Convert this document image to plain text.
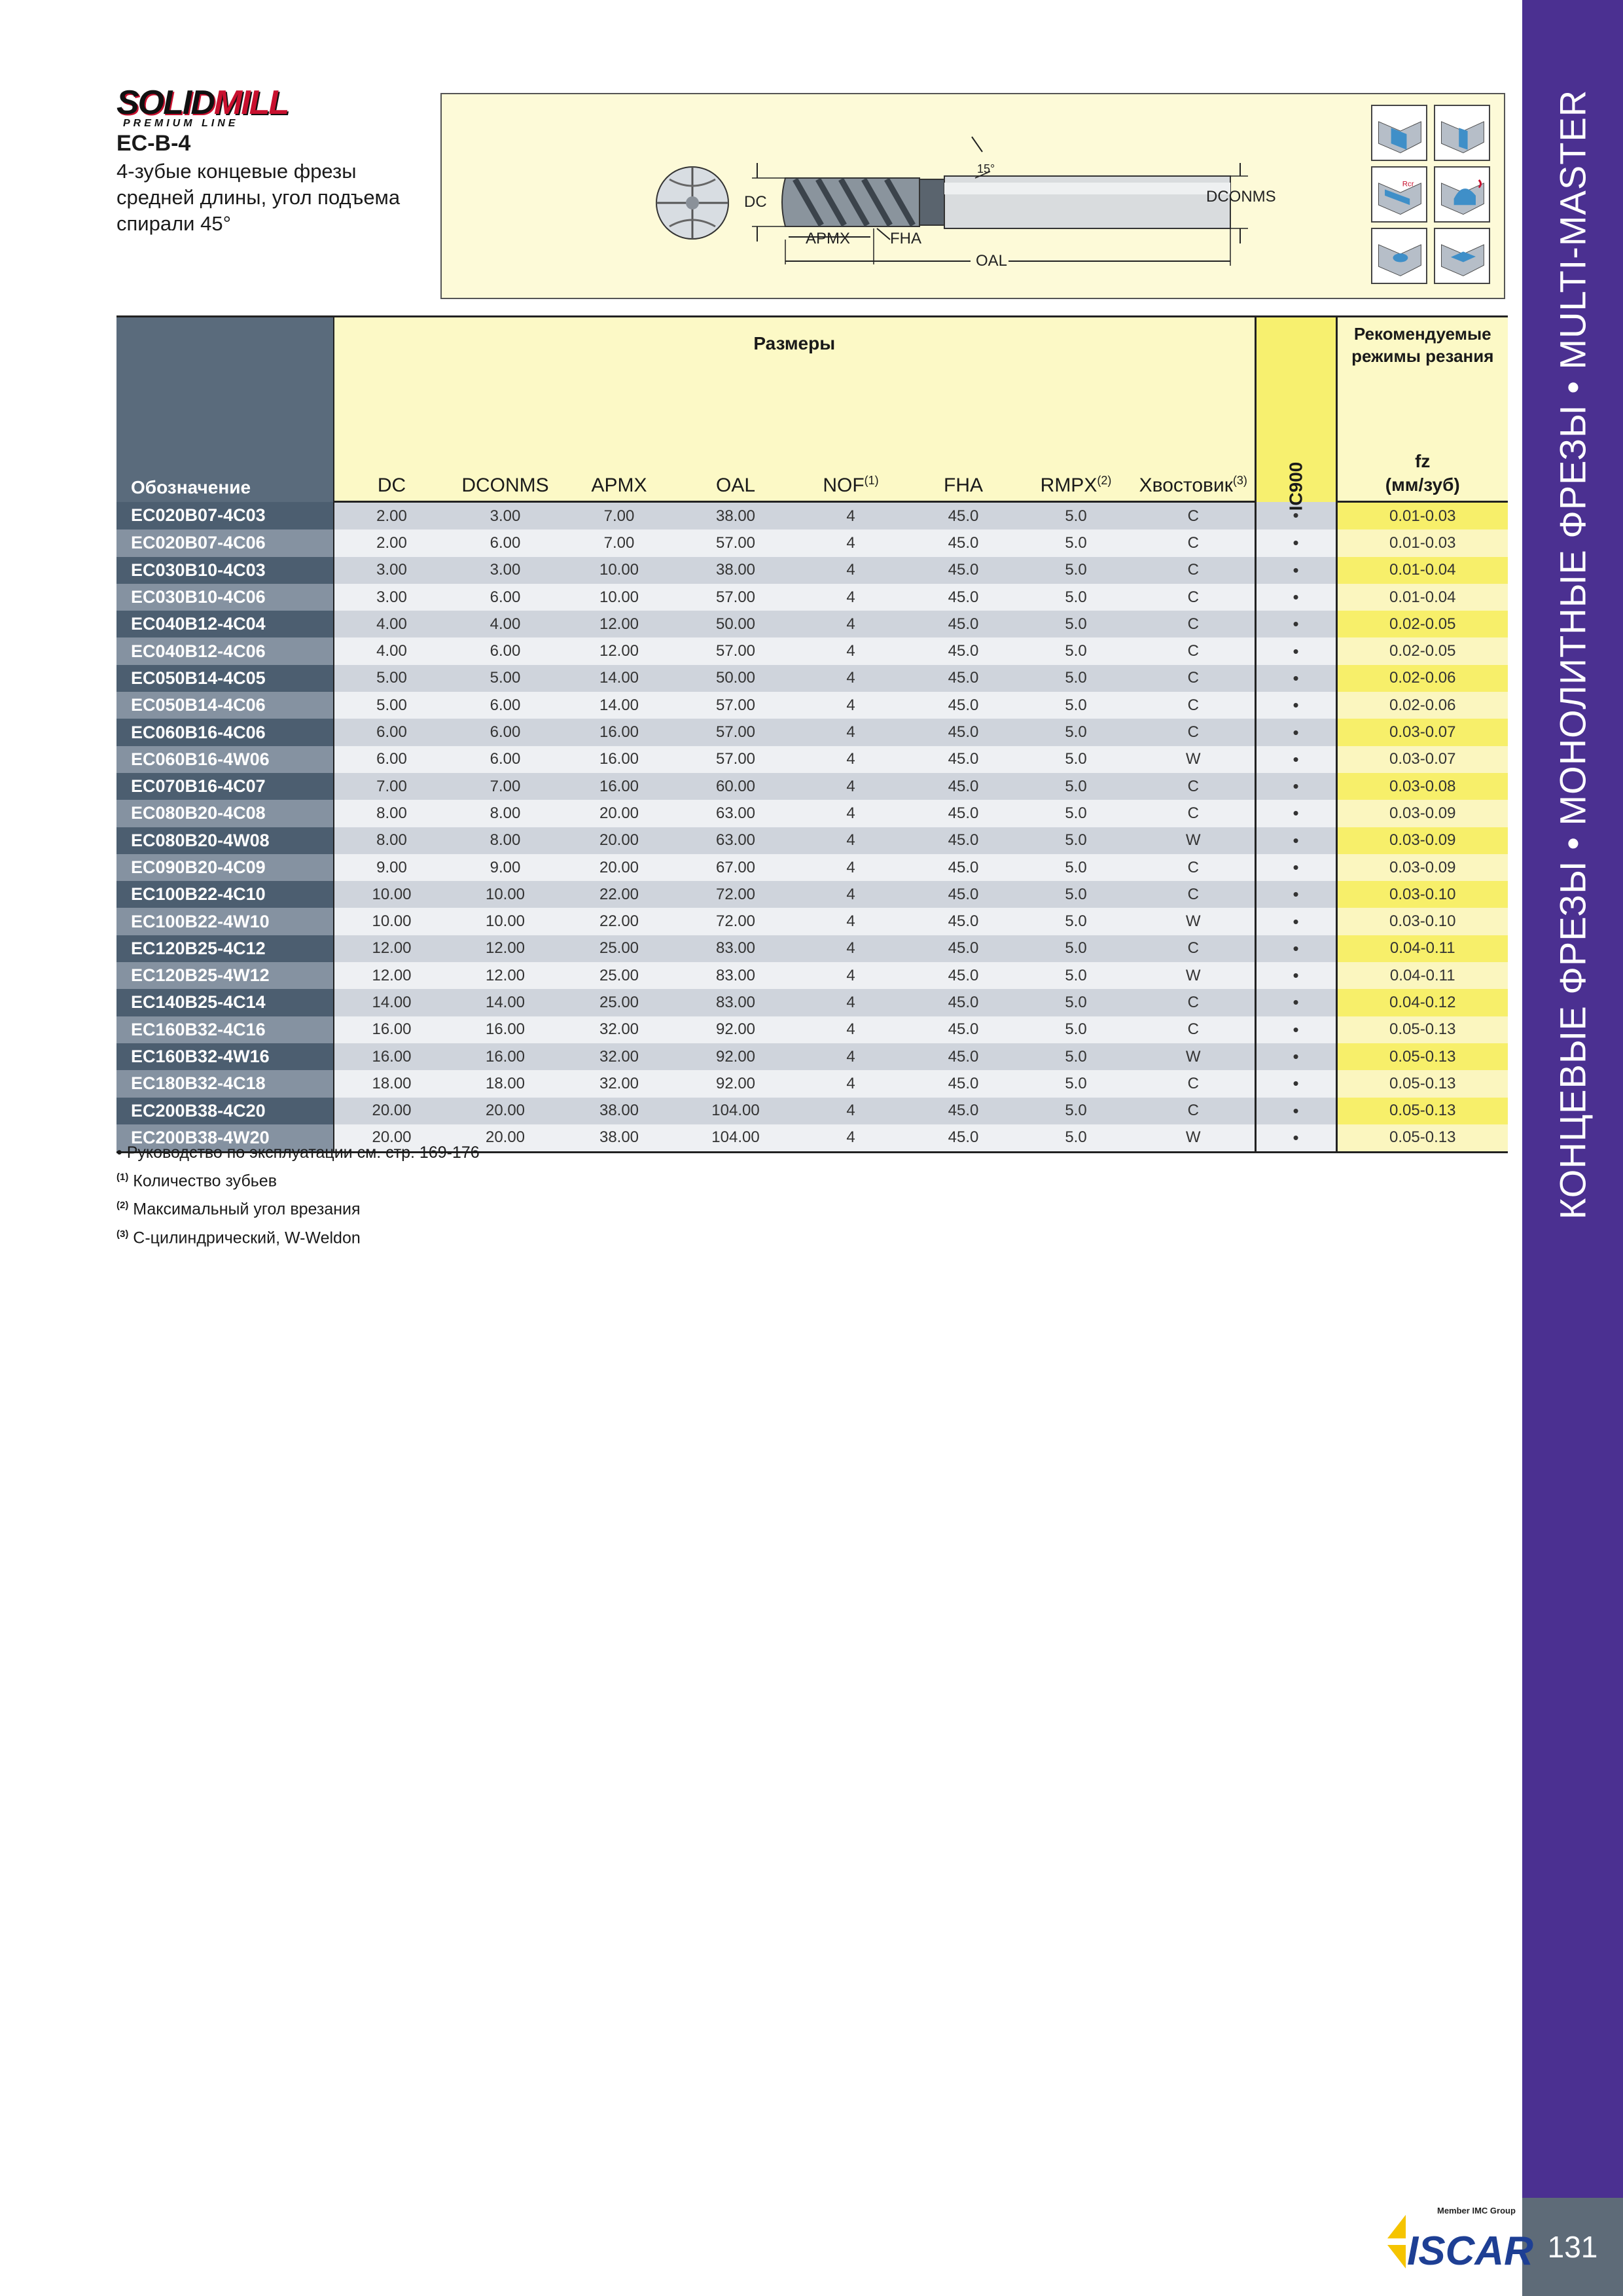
КОНЦЕВЫЕ ФРЕЗЫ • МОНОЛИТНЫЕ ФРЕЗЫ • MULTI-MASTER
131
SOLIDMILL
PREMIUM LINE
EC-B-4
4-зубые концевые фрезы средней длины, угол подъема спирали 45°
DC	DCONMS
APMX	FHA
OAL
15°
Rcr
Обозначение	Размеры								IC900	Рекомендуемые режимы резания
	DC	DCONMS	APMX	OAL	NOF$^{(1)}$	FHA	RMPX$^{(2)}$	Хвостовик$^{(3)}$		fz
(мм/зуб)
EC020B07-4C03	2.00	3.00	7.00	38.00	4	45.0	5.0	C	•	0.01-0.03
EC020B07-4C06	2.00	6.00	7.00	57.00	4	45.0	5.0	C	•	0.01-0.03
EC030B10-4C03	3.00	3.00	10.00	38.00	4	45.0	5.0	C	•	0.01-0.04
EC030B10-4C06	3.00	6.00	10.00	57.00	4	45.0	5.0	C	•	0.01-0.04
EC040B12-4C04	4.00	4.00	12.00	50.00	4	45.0	5.0	C	•	0.02-0.05
EC040B12-4C06	4.00	6.00	12.00	57.00	4	45.0	5.0	C	•	0.02-0.05
EC050B14-4C05	5.00	5.00	14.00	50.00	4	45.0	5.0	C	•	0.02-0.06
EC050B14-4C06	5.00	6.00	14.00	57.00	4	45.0	5.0	C	•	0.02-0.06
EC060B16-4C06	6.00	6.00	16.00	57.00	4	45.0	5.0	C	•	0.03-0.07
EC060B16-4W06	6.00	6.00	16.00	57.00	4	45.0	5.0	W	•	0.03-0.07
EC070B16-4C07	7.00	7.00	16.00	60.00	4	45.0	5.0	C	•	0.03-0.08
EC080B20-4C08	8.00	8.00	20.00	63.00	4	45.0	5.0	C	•	0.03-0.09
EC080B20-4W08	8.00	8.00	20.00	63.00	4	45.0	5.0	W	•	0.03-0.09
EC090B20-4C09	9.00	9.00	20.00	67.00	4	45.0	5.0	C	•	0.03-0.09
EC100B22-4C10	10.00	10.00	22.00	72.00	4	45.0	5.0	C	•	0.03-0.10
EC100B22-4W10	10.00	10.00	22.00	72.00	4	45.0	5.0	W	•	0.03-0.10
EC120B25-4C12	12.00	12.00	25.00	83.00	4	45.0	5.0	C	•	0.04-0.11
EC120B25-4W12	12.00	12.00	25.00	83.00	4	45.0	5.0	W	•	0.04-0.11
EC140B25-4C14	14.00	14.00	25.00	83.00	4	45.0	5.0	C	•	0.04-0.12
EC160B32-4C16	16.00	16.00	32.00	92.00	4	45.0	5.0	C	•	0.05-0.13
EC160B32-4W16	16.00	16.00	32.00	92.00	4	45.0	5.0	W	•	0.05-0.13
EC180B32-4C18	18.00	18.00	32.00	92.00	4	45.0	5.0	C	•	0.05-0.13
EC200B38-4C20	20.00	20.00	38.00	104.00	4	45.0	5.0	C	•	0.05-0.13
EC200B38-4W20	20.00	20.00	38.00	104.00	4	45.0	5.0	W	•	0.05-0.13
• Руководство по эксплуатации см. стр. 169-176
$^{(1)}$ Количество зубьев
$^{(2)}$ Максимальный угол врезания
$^{(3)}$ С-цилиндрический, W-Weldon
Member IMC Group
ISCAR
